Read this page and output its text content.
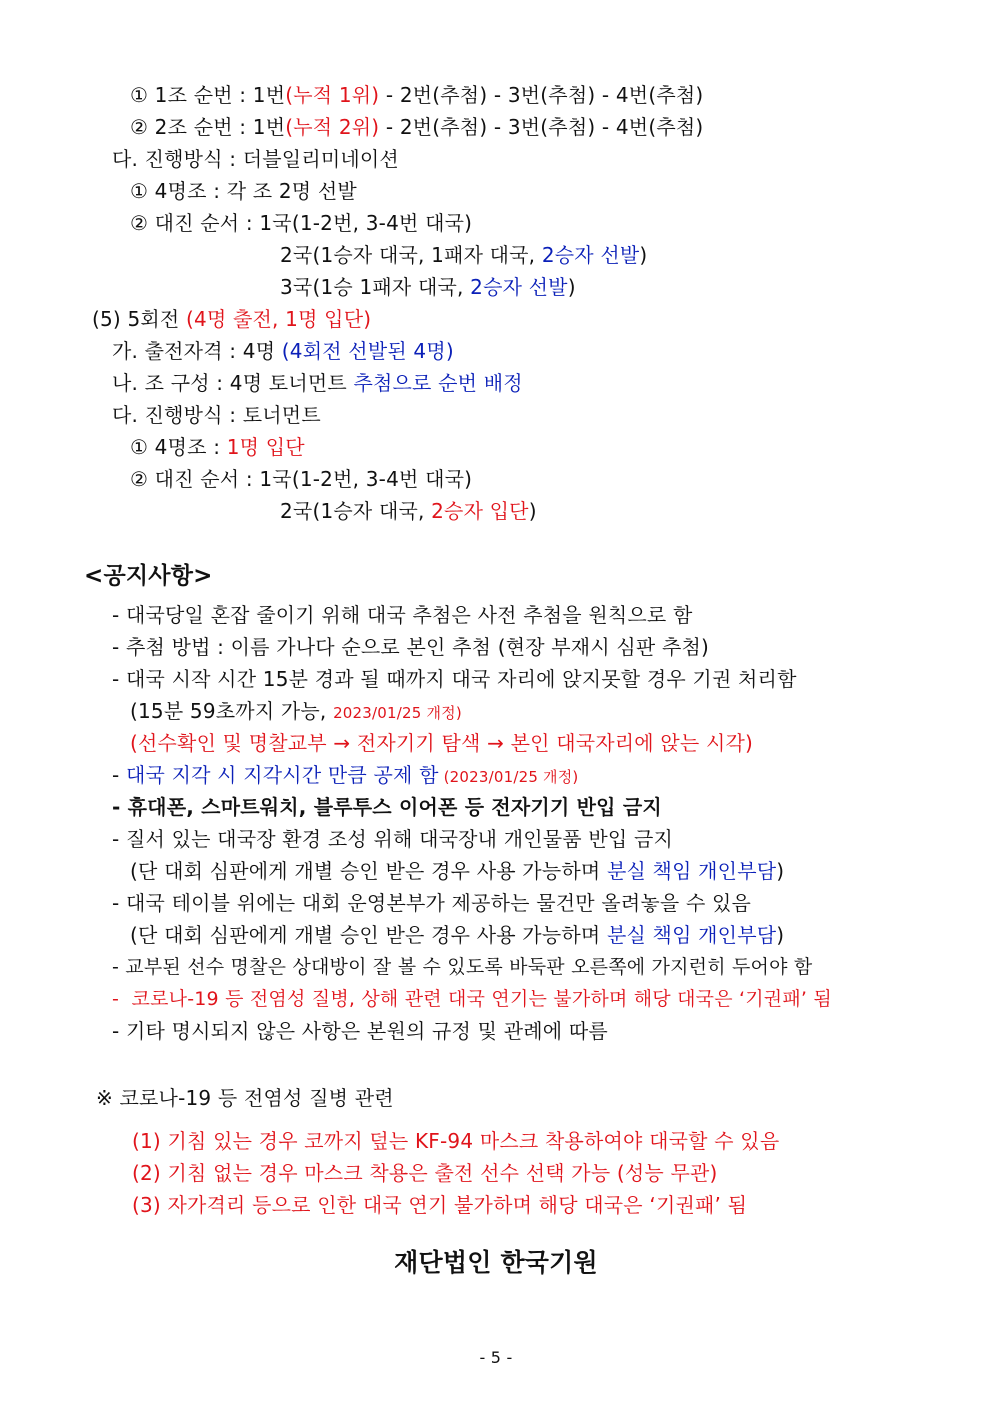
① 1조 순번 : 1번(누적 1위) - 2번(추첨) - 3번(추첨) - 4번(추첨)
② 2조 순번 : 1번(누적 2위) - 2번(추첨) - 3번(추첨) - 4번(추첨)
다. 진행방식 : 더블일리미네이션
① 4명조 : 각 조 2명 선발
② 대진 순서 : 1국(1-2번, 3-4번 대국)
2국(1승자 대국, 1패자 대국, 2승자 선발)
3국(1승 1패자 대국, 2승자 선발)
(5) 5회전 (4명 출전, 1명 입단)
가. 출전자격 : 4명 (4회전 선발된 4명)
나. 조 구성 : 4명 토너먼트 추첨으로 순번 배정
다. 진행방식 : 토너먼트
① 4명조 : 1명 입단
② 대진 순서 : 1국(1-2번, 3-4번 대국)
2국(1승자 대국, 2승자 입단)
<공지사항>
- 대국당일 혼잡 줄이기 위해 대국 추첨은 사전 추첨을 원칙으로 함
- 추첨 방법 : 이름 가나다 순으로 본인 추첨 (현장 부재시 심판 추첨)
- 대국 시작 시간 15분 경과 될 때까지 대국 자리에 앉지못할 경우 기권 처리함
(15분 59초까지 가능, 2023/01/25 개정)
(선수확인 및 명찰교부 → 전자기기 탐색 → 본인 대국자리에 앉는 시각)
- 대국 지각 시 지각시간 만큼 공제 함 (2023/01/25 개정)
- 휴대폰, 스마트워치, 블루투스 이어폰 등 전자기기 반입 금지
- 질서 있는 대국장 환경 조성 위해 대국장내 개인물품 반입 금지
(단 대회 심판에게 개별 승인 받은 경우 사용 가능하며 분실 책임 개인부담)
- 대국 테이블 위에는 대회 운영본부가 제공하는 물건만 올려놓을 수 있음
(단 대회 심판에게 개별 승인 받은 경우 사용 가능하며 분실 책임 개인부담)
- 교부된 선수 명찰은 상대방이 잘 볼 수 있도록 바둑판 오른쪽에 가지런히 두어야 함
-  코로나-19 등 전염성 질병, 상해 관련 대국 연기는 불가하며 해당 대국은 ‘기권패’ 됨
- 기타 명시되지 않은 사항은 본원의 규정 및 관례에 따름
※ 코로나-19 등 전염성 질병 관련
(1) 기침 있는 경우 코까지 덮는 KF-94 마스크 착용하여야 대국할 수 있음
(2) 기침 없는 경우 마스크 착용은 출전 선수 선택 가능 (성능 무관)
(3) 자가격리 등으로 인한 대국 연기 불가하며 해당 대국은 ‘기권패’ 됨
재단법인 한국기원
- 5 -
